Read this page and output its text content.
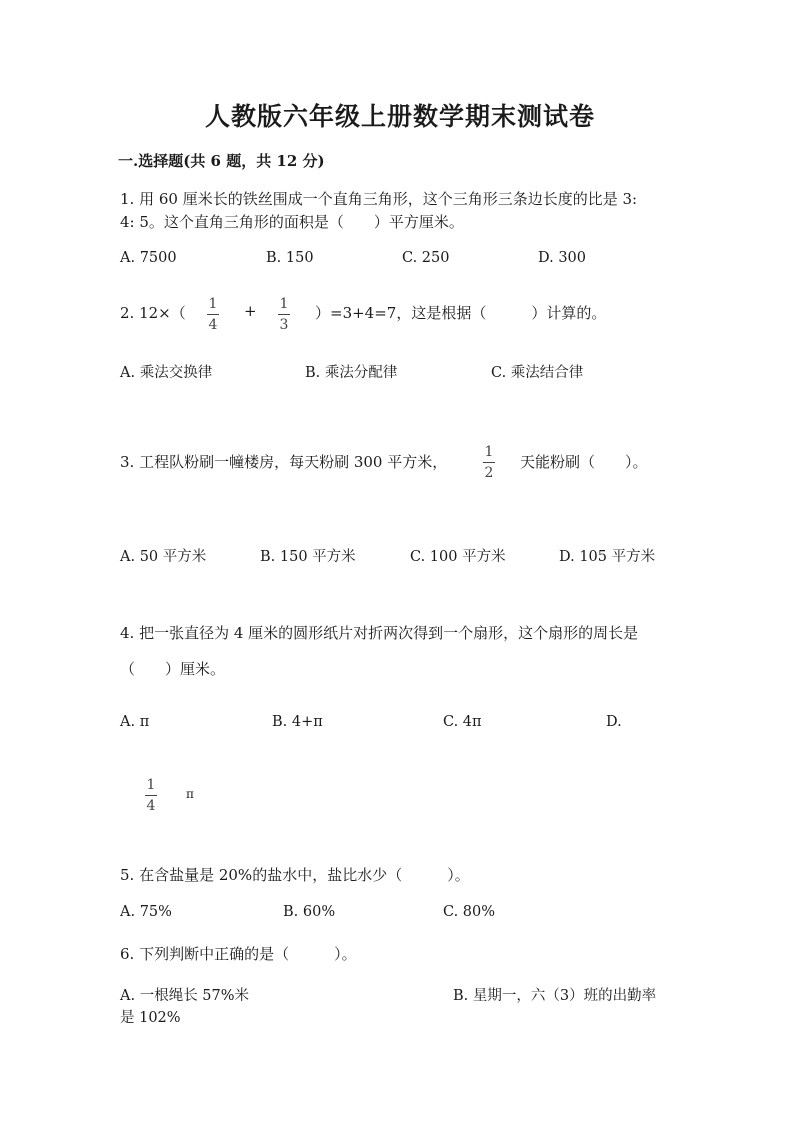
人教版六年级上册数学期末测试卷
一.选择题(共 6 题，共 12 分)
1. 用 60 厘米长的铁丝围成一个直角三角形，这个三角形三条边长度的比是 3:
4: 5。这个直角三角形的面积是（　　）平方厘米。
A. 7500	B. 150	C. 250	D. 300
2. 12×（ 1
4
+ 1
3
）=3+4=7，这是根据（　　　）计算的。
A. 乘法交换律	B. 乘法分配律	C. 乘法结合律
3. 工程队粉刷一幢楼房，每天粉刷 300 平方米，
1
2
天能粉刷（　　）。
A. 50 平方米	B. 150 平方米	C. 100 平方米	D. 105 平方米
4. 把一张直径为 4 厘米的圆形纸片对折两次得到一个扇形，这个扇形的周长是
（　　）厘米。
A. π	B. 4+π	C. 4π	D.
1
4
π
5. 在含盐量是 20%的盐水中，盐比水少（　　　）。
A. 75%	B. 60%	C. 80%
6. 下列判断中正确的是（　　　）。
A. 一根绳长 57%米	B. 星期一，六（3）班的出勤率
是 102%
